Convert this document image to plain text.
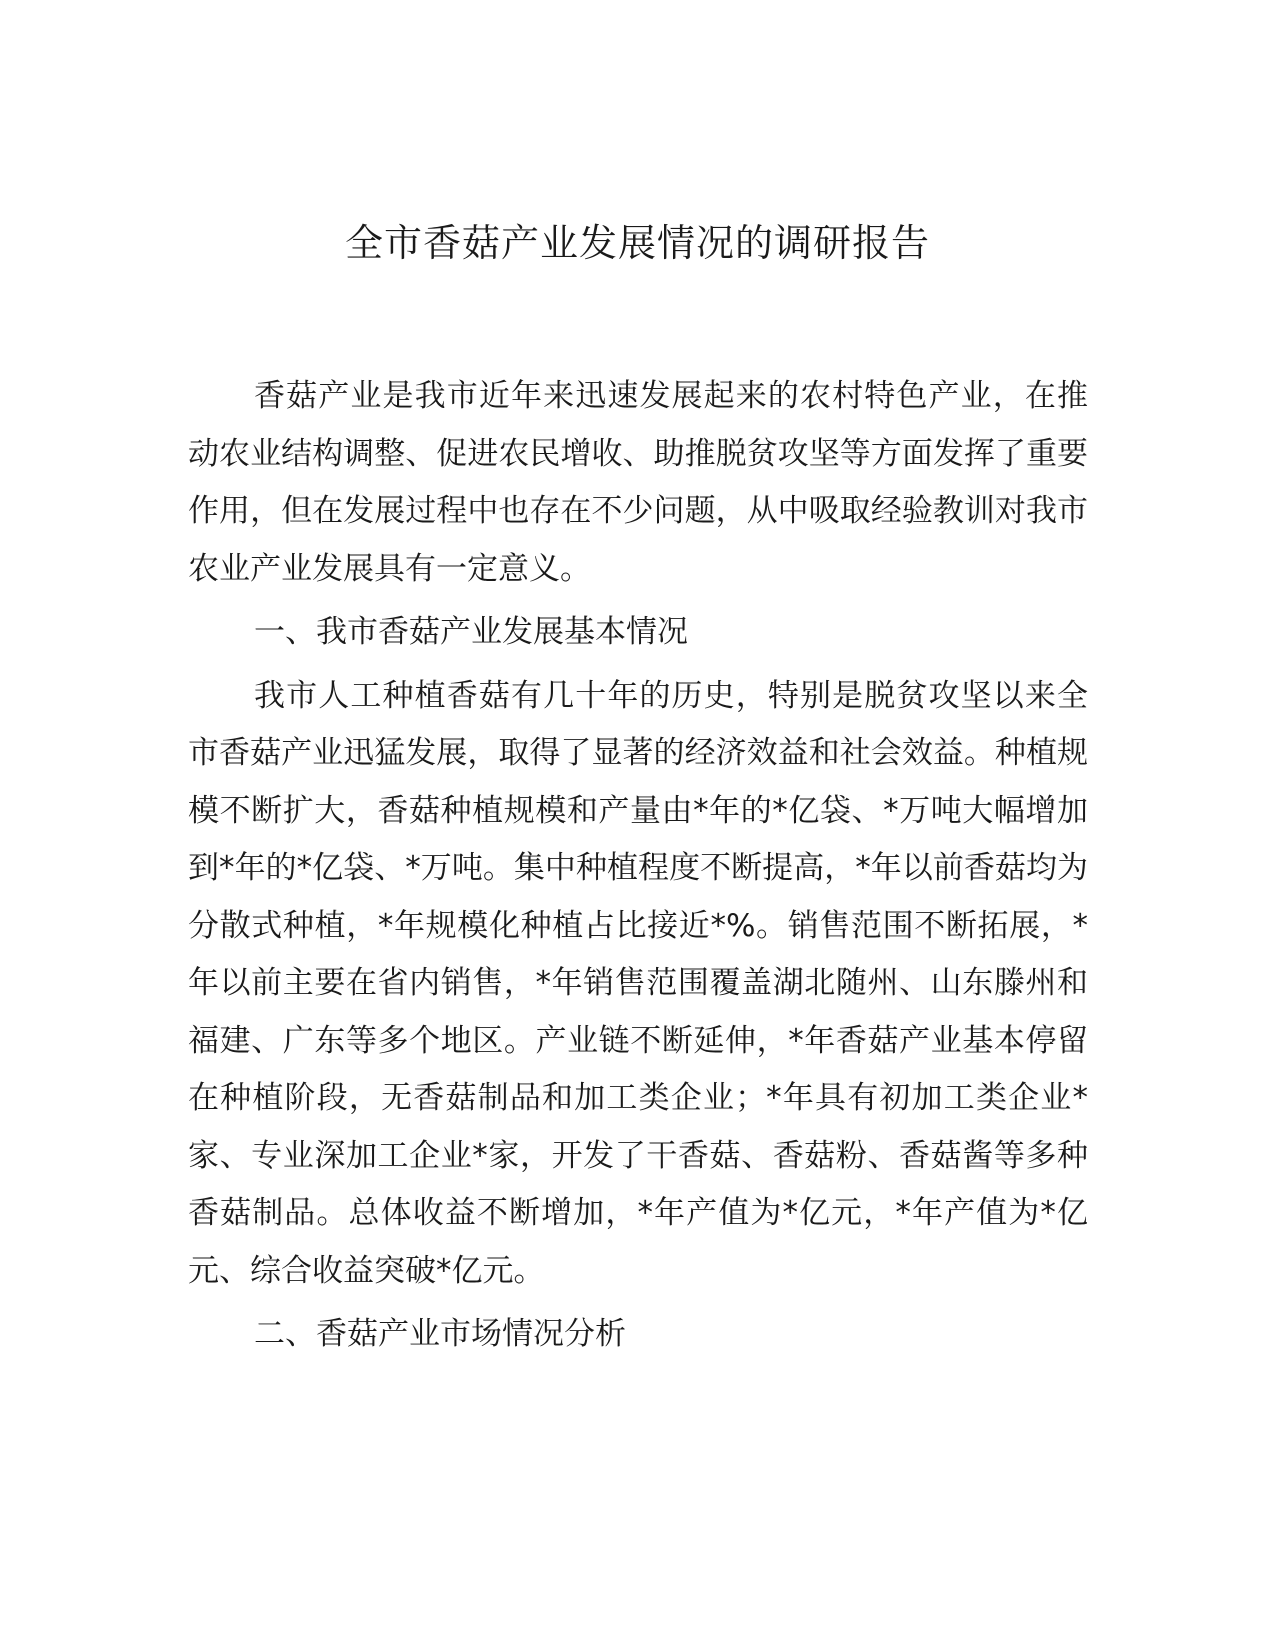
全市香菇产业发展情况的调研报告

香菇产业是我市近年来迅速发展起来的农村特色产业，在推动农业结构调整、促进农民增收、助推脱贫攻坚等方面发挥了重要作用，但在发展过程中也存在不少问题，从中吸取经验教训对我市农业产业发展具有一定意义。

一、我市香菇产业发展基本情况

我市人工种植香菇有几十年的历史，特别是脱贫攻坚以来全市香菇产业迅猛发展，取得了显著的经济效益和社会效益。种植规模不断扩大，香菇种植规模和产量由*年的*亿袋、*万吨大幅增加到*年的*亿袋、*万吨。集中种植程度不断提高，*年以前香菇均为分散式种植，*年规模化种植占比接近*%。销售范围不断拓展，*年以前主要在省内销售，*年销售范围覆盖湖北随州、山东滕州和福建、广东等多个地区。产业链不断延伸，*年香菇产业基本停留在种植阶段，无香菇制品和加工类企业；*年具有初加工类企业*家、专业深加工企业*家，开发了干香菇、香菇粉、香菇酱等多种香菇制品。总体收益不断增加，*年产值为*亿元，*年产值为*亿元、综合收益突破*亿元。

二、香菇产业市场情况分析
